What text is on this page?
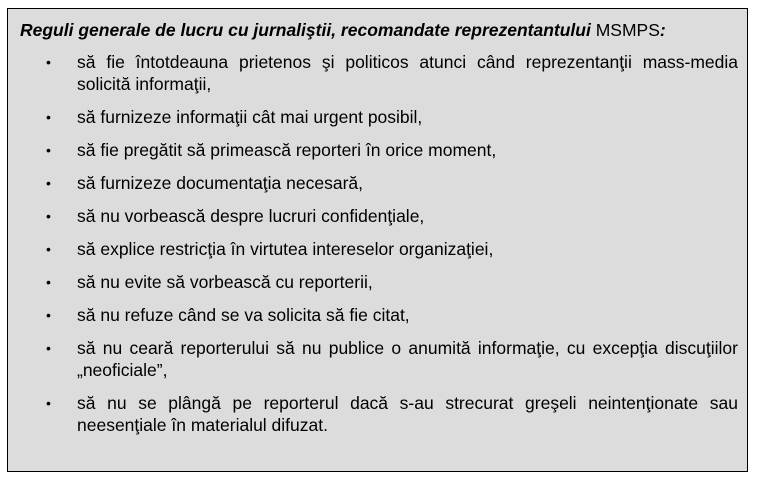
Reguli generale de lucru cu jurnaliştii, recomandate reprezentantului MSMPS:

• să fie întotdeauna prietenos şi politicos atunci când reprezentanţii mass-media solicită informaţii,
• să furnizeze informaţii cât mai urgent posibil,
• să fie pregătit să primească reporteri în orice moment,
• să furnizeze documentaţia necesară,
• să nu vorbească despre lucruri confidenţiale,
• să explice restricţia în virtutea intereselor organizaţiei,
• să nu evite să vorbească cu reporterii,
• să nu refuze când se va solicita să fie citat,
• să nu ceară reporterului să nu publice o anumită informaţie, cu excepţia discuţiilor „neoficiale”,
• să nu se plângă pe reporterul dacă s-au strecurat greşeli neintenţionate sau neesenţiale în materialul difuzat.
